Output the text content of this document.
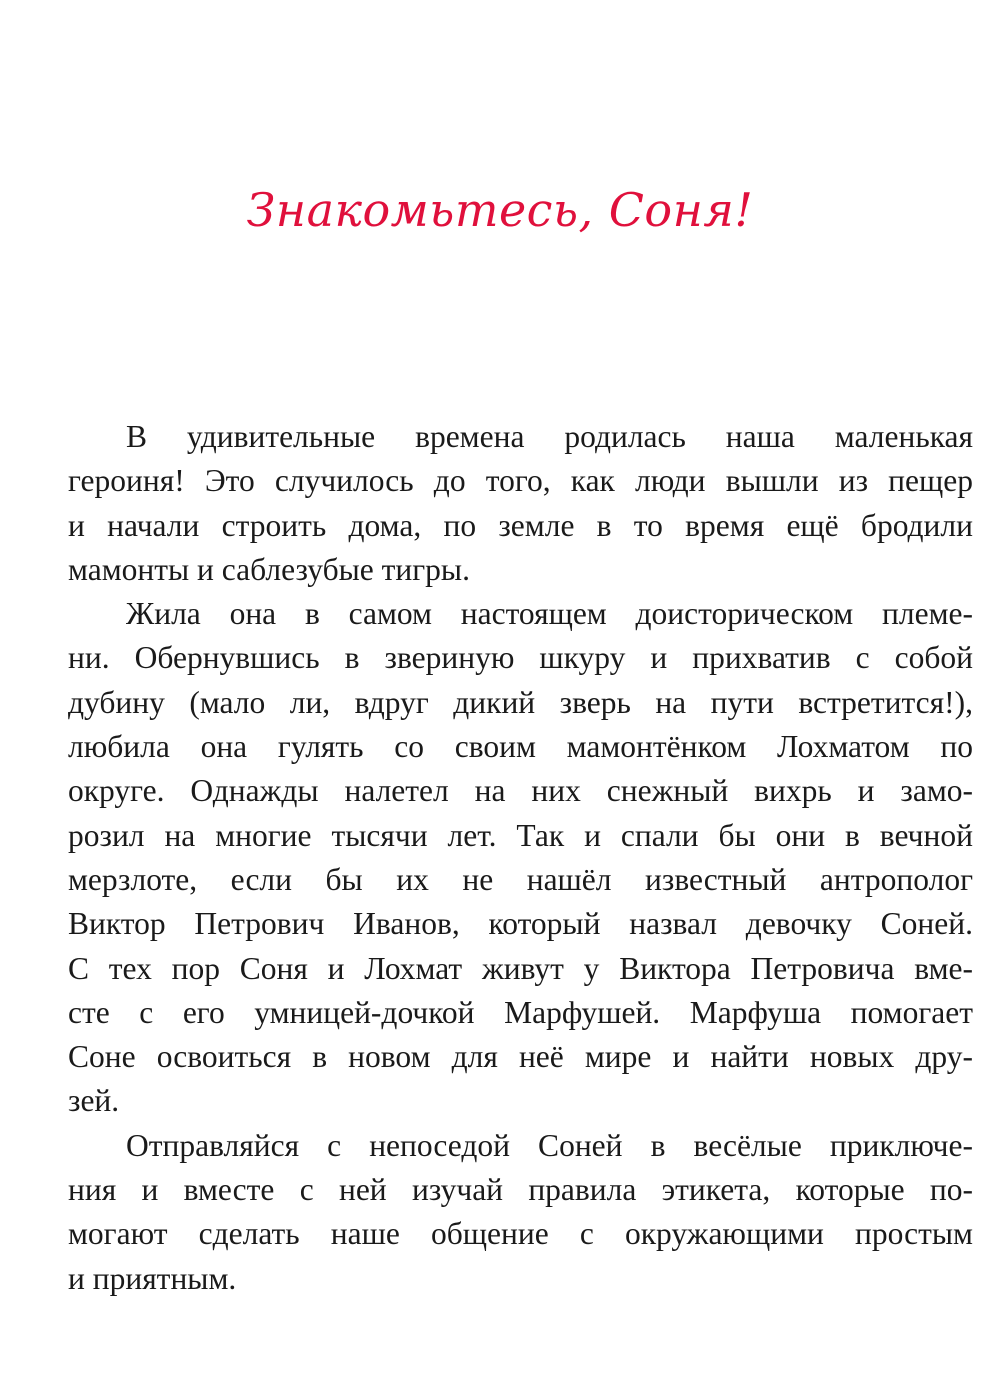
Знакомьтесь, Соня!
В удивительные времена родилась наша маленькая
героиня! Это случилось до того, как люди вышли из пещер
и начали строить дома, по земле в то время ещё бродили
мамонты и саблезубые тигры.
Жила она в самом настоящем доисторическом племе-
ни. Обернувшись в звериную шкуру и прихватив с собой
дубину (мало ли, вдруг дикий зверь на пути встретится!),
любила она гулять со своим мамонтёнком Лохматом по
округе. Однажды налетел на них снежный вихрь и замо-
розил на многие тысячи лет. Так и спали бы они в вечной
мерзлоте, если бы их не нашёл известный антрополог
Виктор Петрович Иванов, который назвал девочку Соней.
С тех пор Соня и Лохмат живут у Виктора Петровича вме-
сте с его умницей-дочкой Марфушей. Марфуша помогает
Соне освоиться в новом для неё мире и найти новых дру-
зей.
Отправляйся с непоседой Соней в весёлые приключе-
ния и вместе с ней изучай правила этикета, которые по-
могают сделать наше общение с окружающими простым
и приятным.
